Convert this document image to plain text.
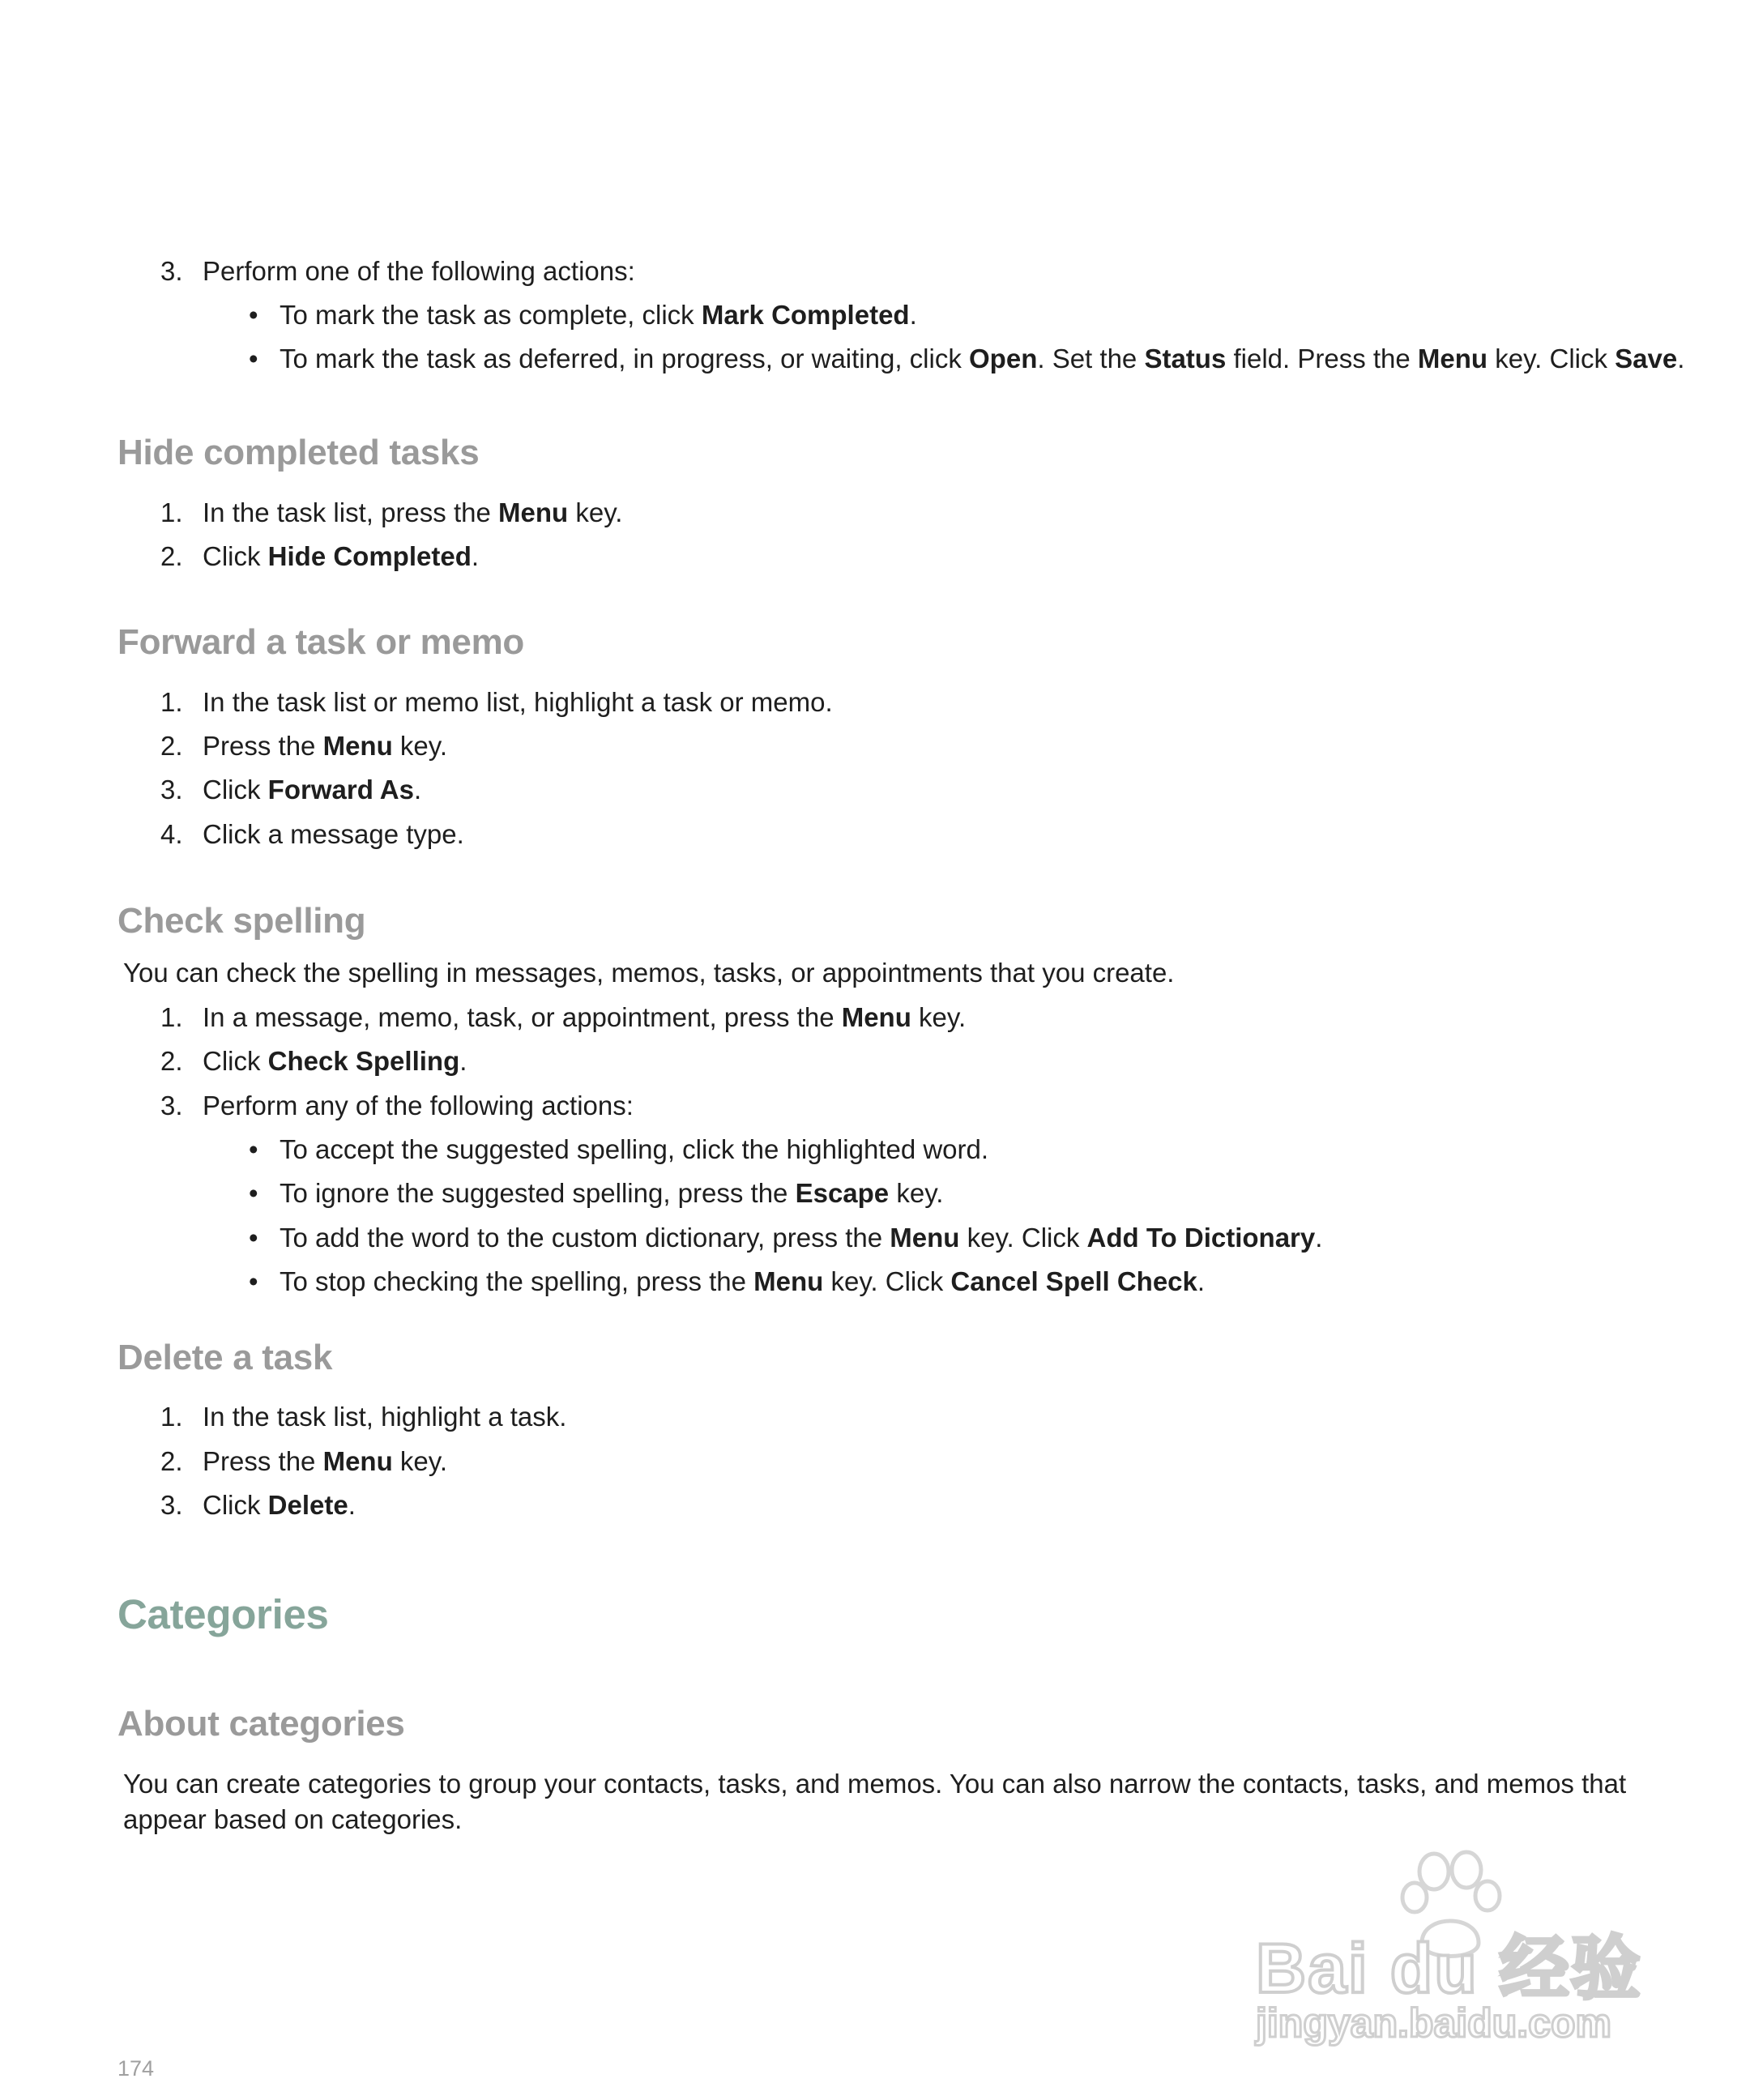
3. Perform one of the following actions:
• To mark the task as complete, click Mark Completed.
• To mark the task as deferred, in progress, or waiting, click Open. Set the Status field. Press the Menu key. Click Save.
Hide completed tasks
1. In the task list, press the Menu key.
2. Click Hide Completed.
Forward a task or memo
1. In the task list or memo list, highlight a task or memo.
2. Press the Menu key.
3. Click Forward As.
4. Click a message type.
Check spelling
You can check the spelling in messages, memos, tasks, or appointments that you create.
1. In a message, memo, task, or appointment, press the Menu key.
2. Click Check Spelling.
3. Perform any of the following actions:
• To accept the suggested spelling, click the highlighted word.
• To ignore the suggested spelling, press the Escape key.
• To add the word to the custom dictionary, press the Menu key. Click Add To Dictionary.
• To stop checking the spelling, press the Menu key. Click Cancel Spell Check.
Delete a task
1. In the task list, highlight a task.
2. Press the Menu key.
3. Click Delete.
Categories
About categories
You can create categories to group your contacts, tasks, and memos. You can also narrow the contacts, tasks, and memos that appear based on categories.
Bai du 经验
jingyan.baidu.com
174
